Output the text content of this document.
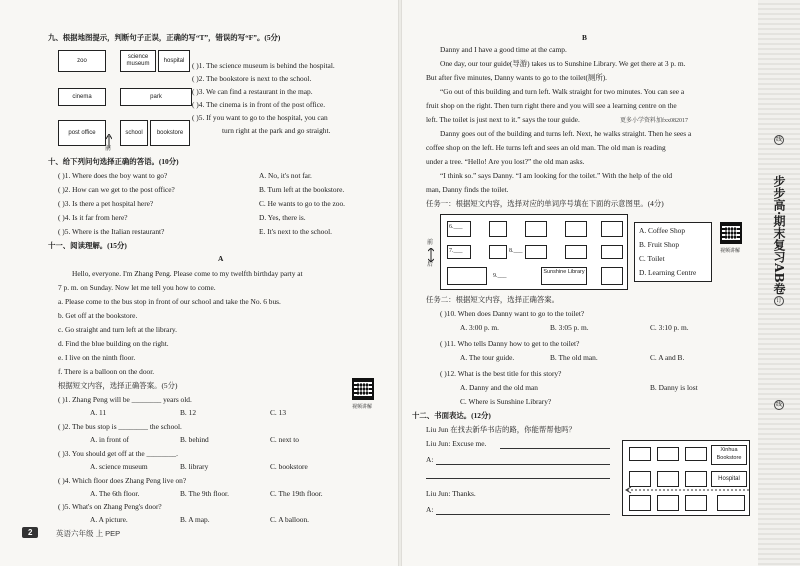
九、根据地图提示，判断句子正误，正确的写“T”，错误的写“F”。(5分)
zoo
science museum
hospital
cinema	park
post office	school	bookstore
前
( )1. The science museum is behind the hospital.
( )2. The bookstore is next to the school.
( )3. We can find a restaurant in the map.
( )4. The cinema is in front of the post office.
( )5. If you want to go to the hospital, you can
turn right at the park and go straight.
十、给下列问句选择正确的答语。(10分)
( )1. Where does the boy want to go?
( )2. How can we get to the post office?
( )3. Is there a pet hospital here?
( )4. Is it far from here?
( )5. Where is the Italian restaurant?
A. No, it's not far.
B. Turn left at the bookstore.
C. He wants to go to the zoo.
D. Yes, there is.
E. It's next to the school.
十一、阅读理解。(15分)
A
Hello, everyone. I'm Zhang Peng. Please come to my twelfth birthday party at
7 p. m. on Sunday. Now let me tell you how to come.
a. Please come to the bus stop in front of our school and take the No. 6 bus.
b. Get off at the bookstore.
c. Go straight and turn left at the library.
d. Find the blue building on the right.
e. I live on the ninth floor.
f. There is a balloon on the door.
根据短文内容，选择正确答案。(5分)
视频讲解
( )1. Zhang Peng will be ________ years old.
A. 11	B. 12	C. 13
( )2. The bus stop is ________ the school.
A. in front of	B. behind	C. next to
( )3. You should get off at the ________.
A. science museum	B. library	C. bookstore
( )4. Which floor does Zhang Peng live on?
A. The 6th floor.	B. The 9th floor.	C. The 19th floor.
( )5. What's on Zhang Peng's door?
A. A picture.	B. A map.	C. A balloon.
2	英语六年级 上 PEP
B
Danny and I have a good time at the camp.
One day, our tour guide(导游) takes us to Sunshine Library. We get there at 3 p. m.
But after five minutes, Danny wants to go to the toilet(厕所).
“Go out of this building and turn left. Walk straight for two minutes. You can see a
fruit shop on the right. Then turn right there and you will see a learning centre on the
left. The toilet is just next to it.” says the tour guide.	更多小学资料加fxx082017
Danny goes out of the building and turns left. Next, he walks straight. Then he sees a
coffee shop on the left. He turns left and sees an old man. The old man is reading
under a tree. “Hello! Are you lost?” the old man asks.
“I think so.” says Danny. “I am looking for the toilet.” With the help of the old
man, Danny finds the toilet.
任务一：根据短文内容，选择对应的单词序号填在下面的示意图里。(4分)
Sunshine Library
6.___
7.___	8.___
9.___
前
后
A. Coffee Shop
B. Fruit Shop
C. Toilet
D. Learning Centre
视频讲解
任务二：根据短文内容，选择正确答案。
( )10. When does Danny want to go to the toilet?
A. 3:00 p. m.	B. 3:05 p. m.	C. 3:10 p. m.
( )11. Who tells Danny how to get to the toilet?
A. The tour guide.	B. The old man.	C. A and B.
( )12. What is the best title for this story?
A. Danny and the old man	B. Danny is lost
C. Where is Sunshine Library?
十二、书面表达。(12分)
Liu Jun 在找去新华书店的路，你能帮帮他吗？
Liu Jun: Excuse me.
A:
Liu Jun: Thanks.
A:
Xinhua Bookstore
Hospital
步步高·期末复习AB卷
线
订
线
